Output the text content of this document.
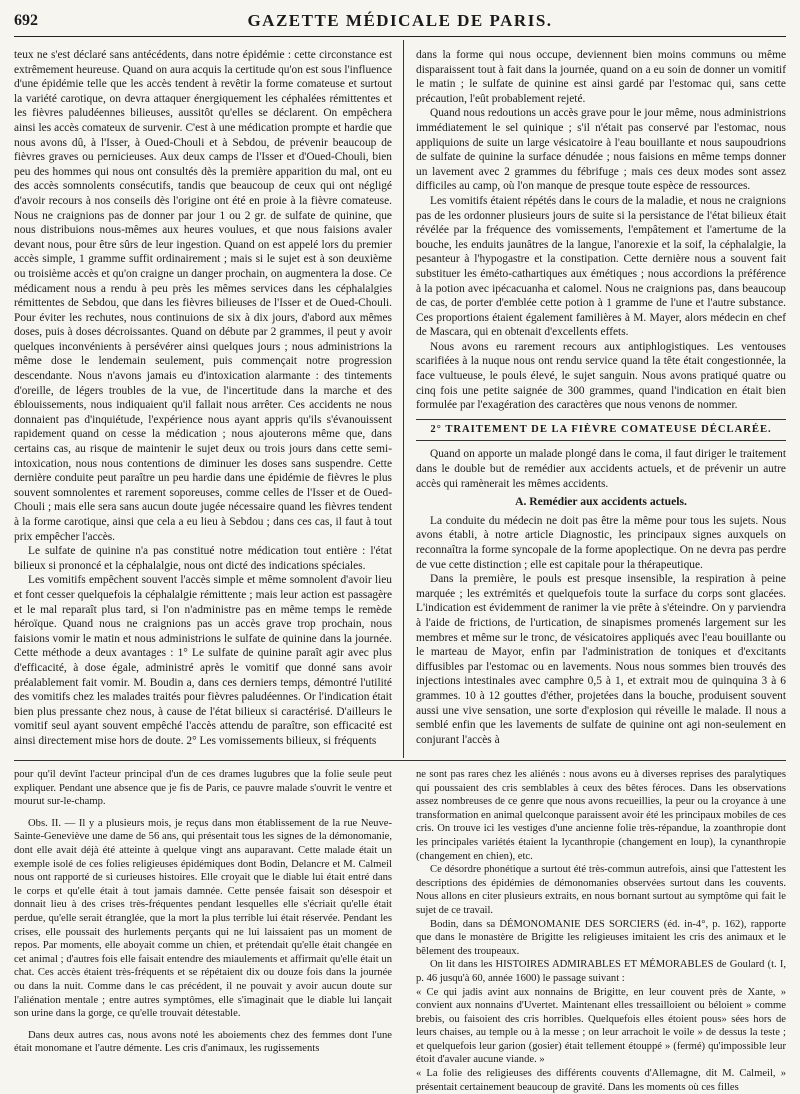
692	GAZETTE MÉDICALE DE PARIS.

teux ne s'est déclaré sans antécédents, dans notre épidémie : cette circonstance est extrêmement heureuse. Quand on aura acquis la certitude qu'on est sous l'influence d'une épidémie telle que les accès tendent à revêtir la forme comateuse et surtout la variété carotique, on devra attaquer énergiquement les céphalées rémittentes et les fièvres paludéennes bilieuses, aussitôt qu'elles se déclarent. On empêchera ainsi les accès comateux de survenir. C'est à une médication prompte et hardie que nous avons dû, à l'Isser, à Oued-Chouli et à Sebdou, de prévenir beaucoup de fièvres graves ou pernicieuses. Aux deux camps de l'Isser et d'Oued-Chouli, bien peu des hommes qui nous ont consultés dès la première apparition du mal, ont eu des accès somnolents consécutifs, tandis que beaucoup de ceux qui ont négligé d'avoir recours à nos conseils dès l'origine ont été en proie à la fièvre comateuse. Nous ne craignions pas de donner par jour 1 ou 2 gr. de sulfate de quinine, que nous distribuions nous-mêmes aux heures voulues, et que nous faisions avaler devant nous, pour être sûrs de leur ingestion. Quand on est appelé lors du premier accès simple, 1 gramme suffit ordinairement ; mais si le sujet est à son deuxième ou troisième accès et qu'on craigne un danger prochain, on augmentera la dose. Ce médicament nous a rendu à peu près les mêmes services dans les céphalalgies rémittentes de Sebdou, que dans les fièvres bilieuses de l'Isser et de Oued-Chouli. Pour éviter les rechutes, nous continuions de six à dix jours, d'abord aux mêmes doses, puis à doses décroissantes. Quand on débute par 2 grammes, il peut y avoir quelques inconvénients à persévérer ainsi quelques jours ; nous administrions la même dose le lendemain seulement, puis commençait notre progression descendante. Nous n'avons jamais eu d'intoxication alarmante : des tintements d'oreille, de légers troubles de la vue, de l'incertitude dans la marche et des éblouissements, nous indiquaient qu'il fallait nous arrêter. Ces accidents ne nous donnaient pas d'inquiétude, l'expérience nous ayant appris qu'ils s'évanouissent rapidement quand on cesse la médication ; nous ajouterons même que, dans certains cas, au risque de maintenir le sujet deux ou trois jours dans cette semi-intoxication, nous nous contentions de diminuer les doses sans suspendre. Cette dernière conduite peut paraître un peu hardie dans une épidémie de fièvres le plus souvent somnolentes et rarement soporeuses, comme celles de l'Isser et de Oued-Chouli ; mais elle sera sans aucun doute jugée nécessaire quand les fièvres tendent à la forme carotique, ainsi que cela a eu lieu à Sebdou ; dans ces cas, il faut à tout prix empêcher l'accès.

Le sulfate de quinine n'a pas constitué notre médication tout entière : l'état bilieux si prononcé et la céphalalgie, nous ont dicté des indications spéciales.

Les vomitifs empêchent souvent l'accès simple et même somnolent d'avoir lieu et font cesser quelquefois la céphalalgie rémittente ; mais leur action est passagère et le mal reparaît plus tard, si l'on n'administre pas en même temps le remède héroïque. Quand nous ne craignions pas un accès grave trop prochain, nous faisions vomir le matin et nous administrions le sulfate de quinine dans la journée. Cette méthode a deux avantages : 1° Le sulfate de quinine paraît agir avec plus d'efficacité, à dose égale, administré après le vomitif que donné sans avoir préalablement fait vomir. M. Boudin a, dans ces derniers temps, démontré l'utilité des vomitifs chez les malades traités pour fièvres paludéennes. Or l'indication était bien plus pressante chez nous, à cause de l'état bilieux si caractérisé. D'ailleurs le vomitif seul ayant souvent empêché l'accès attendu de paraître, son efficacité est ainsi directement mise hors de doute. 2° Les vomissements bilieux, si fréquents

dans la forme qui nous occupe, deviennent bien moins communs ou même disparaissent tout à fait dans la journée, quand on a eu soin de donner un vomitif le matin ; le sulfate de quinine est ainsi gardé par l'estomac qui, sans cette précaution, l'eût probablement rejeté.

Quand nous redoutions un accès grave pour le jour même, nous administrions immédiatement le sel quinique ; s'il n'était pas conservé par l'estomac, nous appliquions de suite un large vésicatoire à l'eau bouillante et nous saupoudrions de sulfate de quinine la surface dénudée ; nous faisions en même temps donner un lavement avec 2 grammes du fébrifuge ; mais ces deux modes sont assez difficiles au camp, où l'on manque de presque toute espèce de ressources.

Les vomitifs étaient répétés dans le cours de la maladie, et nous ne craignions pas de les ordonner plusieurs jours de suite si la persistance de l'état bilieux était révélée par la fréquence des vomissements, l'empâtement et l'amertume de la bouche, les enduits jaunâtres de la langue, l'anorexie et la soif, la céphalalgie, la pesanteur à l'hypogastre et la constipation. Cette dernière nous a souvent fait substituer les éméto-cathartiques aux émétiques ; nous accordions la préférence à la potion avec ipécacuanha et calomel. Nous ne craignions pas, dans beaucoup de cas, de porter d'emblée cette potion à 1 gramme de l'une et l'autre substance. Ces proportions étaient également familières à M. Mayer, alors médecin en chef de Mascara, qui en obtenait d'excellents effets.

Nous avons eu rarement recours aux antiphlogistiques. Les ventouses scarifiées à la nuque nous ont rendu service quand la tête était congestionnée, la face vultueuse, le pouls élevé, le sujet sanguin. Nous avons pratiqué quatre ou cinq fois une petite saignée de 300 grammes, quand l'indication en était bien formulée par l'exagération des caractères que nous venons de nommer.

2° TRAITEMENT DE LA FIÈVRE COMATEUSE DÉCLARÉE.

Quand on apporte un malade plongé dans le coma, il faut diriger le traitement dans le double but de remédier aux accidents actuels, et de prévenir un autre accès qui ramènerait les mêmes accidents.

A. Remédier aux accidents actuels.

La conduite du médecin ne doit pas être la même pour tous les sujets. Nous avons établi, à notre article Diagnostic, les principaux signes auxquels on reconnaîtra la forme syncopale de la forme apoplectique. On ne devra pas perdre de vue cette distinction ; elle est capitale pour la thérapeutique.

Dans la première, le pouls est presque insensible, la respiration à peine marquée ; les extrémités et quelquefois toute la surface du corps sont glacées. L'indication est évidemment de ranimer la vie prête à s'éteindre. On y parviendra à l'aide de frictions, de l'urtication, de sinapismes promenés largement sur les membres et même sur le tronc, de vésicatoires appliqués avec l'eau bouillante ou le marteau de Mayor, enfin par l'administration de toniques et d'excitants diffusibles par l'estomac ou en lavements. Nous nous sommes bien trouvés des injections intestinales avec camphre 0,5 à 1, et extrait mou de quinquina 3 à 6 grammes. 10 à 12 gouttes d'éther, projetées dans la bouche, produisent souvent aussi une vive sensation, une sorte d'explosion qui réveille le malade. Il nous a semblé enfin que les lavements de sulfate de quinine ont agi non-seulement en conjurant l'accès à

pour qu'il devînt l'acteur principal d'un de ces drames lugubres que la folie seule peut expliquer. Pendant une absence que je fis de Paris, ce pauvre malade s'ouvrit le ventre et mourut sur-le-champ.

Obs. II. — Il y a plusieurs mois, je reçus dans mon établissement de la rue Neuve-Sainte-Geneviève une dame de 56 ans, qui présentait tous les signes de la démonomanie, dont elle avait déjà été atteinte à quelque vingt ans auparavant. Cette malade était un exemple isolé de ces folies religieuses épidémiques dont Bodin, Delancre et M. Calmeil nous ont rapporté de si curieuses histoires. Elle croyait que le diable lui était entré dans le corps et qu'elle était à tout jamais damnée. Cette pensée faisait son désespoir et donnait lieu à des crises très-fréquentes pendant lesquelles elle s'écriait qu'elle était perdue, qu'elle serait étranglée, que la mort la plus terrible lui était réservée. Pendant les crises, elle poussait des hurlements perçants qui ne lui laissaient pas un moment de repos. Par moments, elle aboyait comme un chien, et prétendait qu'elle était changée en cet animal ; d'autres fois elle faisait entendre des miaulements et affirmait qu'elle était un chat. Ces accès étaient très-fréquents et se répétaient dix ou douze fois dans la journée ou dans la nuit. Comme dans le cas précédent, il ne pouvait y avoir aucun doute sur l'aliénation mentale ; entre autres symptômes, elle s'imaginait que le diable lui lançait son urine dans la gorge, ce qu'elle trouvait détestable.

Dans deux autres cas, nous avons noté les aboiements chez des femmes dont l'une était monomane et l'autre démente. Les cris d'animaux, les rugissements

ne sont pas rares chez les aliénés : nous avons eu à diverses reprises des paralytiques qui poussaient des cris semblables à ceux des bêtes féroces. Dans les observations assez nombreuses de ce genre que nous avons recueillies, la peur ou la croyance à une transformation en animal quelconque paraissent avoir été les principaux mobiles de ces cris. On trouve ici les vestiges d'une ancienne folie très-répandue, la zoanthropie dont les principales variétés étaient la lycanthropie (changement en loup), la cynanthropie (changement en chien), etc.

Ce désordre phonétique a surtout été très-commun autrefois, ainsi que l'attestent les descriptions des épidémies de démonomanies observées surtout dans les couvents. Nous allons en citer plusieurs extraits, en nous bornant surtout au symptôme qui fait le sujet de ce travail.

Bodin, dans sa DÉMONOMANIE DES SORCIERS (éd. in-4°, p. 162), rapporte que dans le monastère de Brigitte les religieuses imitaient les cris des animaux et le bêlement des troupeaux.

On lit dans les HISTOIRES ADMIRABLES ET MÉMORABLES de Goulard (t. I, p. 46 jusqu'à 60, année 1600) le passage suivant :

« Ce qui jadis avint aux nonnains de Brigitte, en leur couvent près de Xante, » convient aux nonnains d'Uvertet. Maintenant elles tressailloient ou béloient » comme brebis, ou faisoient des cris horribles. Quelquefois elles étoient pous» sées hors de leurs chaises, au temple ou à la messe ; on leur arrachoit le voile » de dessus la teste ; et quelquefois leur garion (gosier) était tellement étouppé » (fermé) qu'impossible leur étoit d'avaler aucune viande. »

« La folie des religieuses des différents couvents d'Allemagne, dit M. Calmeil, » présentait certainement beaucoup de gravité. Dans les moments où ces filles
